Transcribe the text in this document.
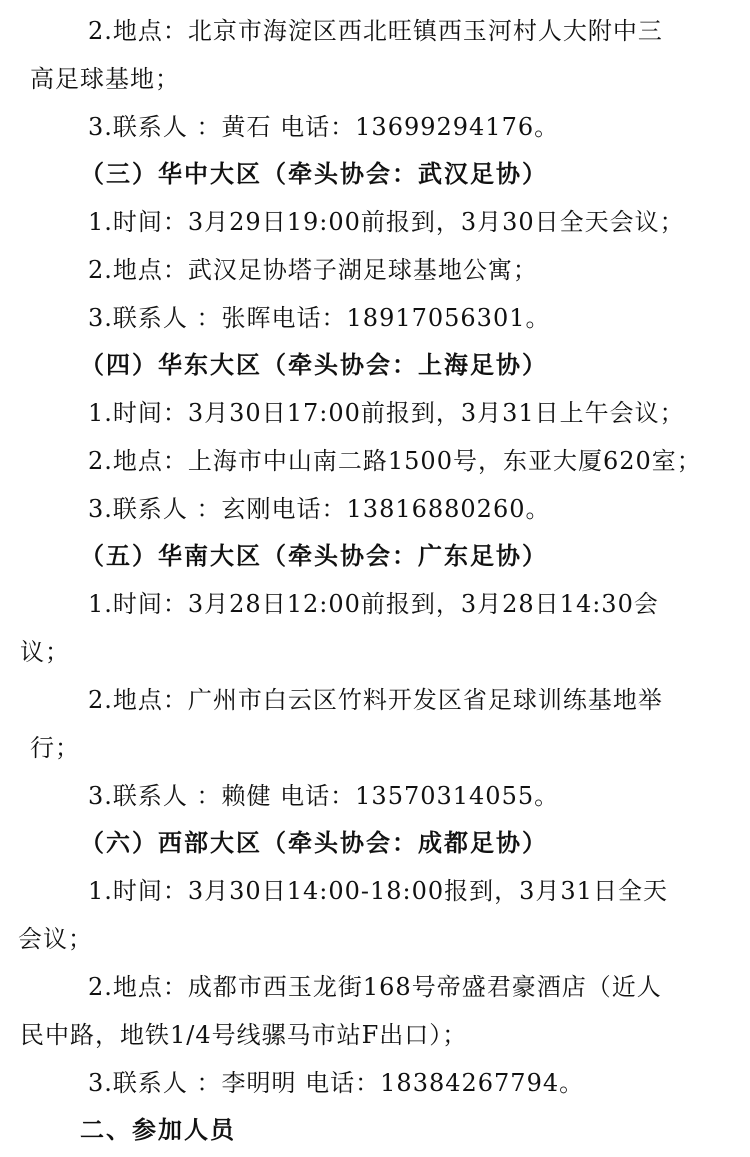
2.地点：北京市海淀区西北旺镇西玉河村人大附中三
高足球基地；
3.联系人 ：黄石 电话：13699294176。
（三）华中大区（牵头协会：武汉足协）
1.时间：3月29日19:00前报到，3月30日全天会议；
2.地点：武汉足协塔子湖足球基地公寓；
3.联系人 ：张晖电话：18917056301。
（四）华东大区（牵头协会：上海足协）
1.时间：3月30日17:00前报到，3月31日上午会议；
2.地点：上海市中山南二路1500号，东亚大厦620室；
3.联系人 ：玄刚电话：13816880260。
（五）华南大区（牵头协会：广东足协）
1.时间：3月28日12:00前报到，3月28日14:30会
议；
2.地点：广州市白云区竹料开发区省足球训练基地举
行；
3.联系人 ：赖健 电话：13570314055。
（六）西部大区（牵头协会：成都足协）
1.时间：3月30日14:00-18:00报到，3月31日全天
会议；
2.地点：成都市西玉龙街168号帝盛君豪酒店（近人
民中路，地铁1/4号线骡马市站F出口）；
3.联系人 ：李明明 电话：18384267794。
二、参加人员
